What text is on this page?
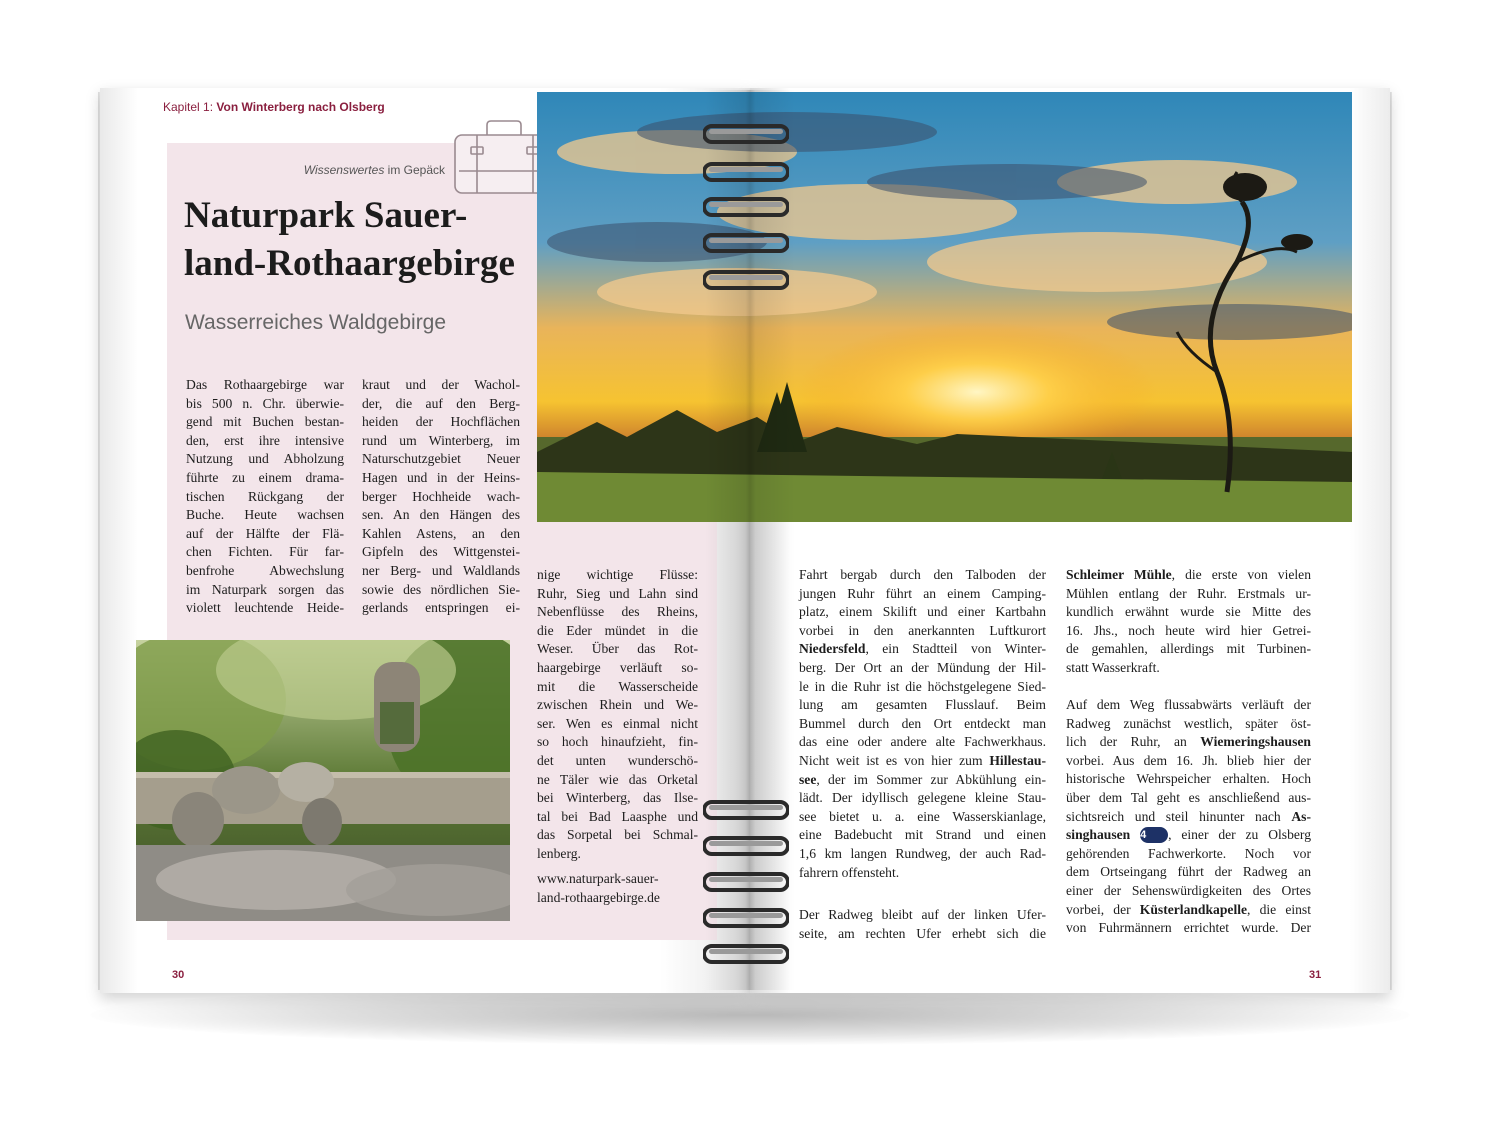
Kapitel 1: Von Winterberg nach Olsberg
Wissenswertes im Gepäck
Naturpark Sauer-
land-Rothaargebirge
Wasserreiches Waldgebirge
Das Rothaargebirge war
bis 500 n. Chr. überwie-
gend mit Buchen bestan-
den, erst ihre intensive
Nutzung und Abholzung
führte zu einem drama-
tischen Rückgang der
Buche. Heute wachsen
auf der Hälfte der Flä-
chen Fichten. Für far-
benfrohe Abwechslung
im Naturpark sorgen das
violett leuchtende Heide-
kraut und der Wachol-
der, die auf den Berg-
heiden der Hochflächen
rund um Winterberg, im
Naturschutzgebiet Neuer
Hagen und in der Heins-
berger Hochheide wach-
sen. An den Hängen des
Kahlen Astens, an den
Gipfeln des Wittgenstei-
ner Berg- und Waldlands
sowie des nördlichen Sie-
gerlands entspringen ei-
nige wichtige Flüsse:
Ruhr, Sieg und Lahn sind
Nebenflüsse des Rheins,
die Eder mündet in die
Weser. Über das Rot-
haargebirge verläuft so-
mit die Wasserscheide
zwischen Rhein und We-
ser. Wen es einmal nicht
so hoch hinaufzieht, fin-
det unten wunderschö-
ne Täler wie das Orketal
bei Winterberg, das Ilse-
tal bei Bad Laasphe und
das Sorpetal bei Schmal-
lenberg.
www.naturpark-sauer-
land-rothaargebirge.de
Fahrt bergab durch den Talboden der
jungen Ruhr führt an einem Camping-
platz, einem Skilift und einer Kartbahn
vorbei in den anerkannten Luftkurort
Niedersfeld, ein Stadtteil von Winter-
berg. Der Ort an der Mündung der Hil-
le in die Ruhr ist die höchstgelegene Sied-
lung am gesamten Flusslauf. Beim
Bummel durch den Ort entdeckt man
das eine oder andere alte Fachwerkhaus.
Nicht weit ist es von hier zum Hillestau-
see, der im Sommer zur Abkühlung ein-
lädt. Der idyllisch gelegene kleine Stau-
see bietet u. a. eine Wasserskianlage,
eine Badebucht mit Strand und einen
1,6 km langen Rundweg, der auch Rad-
fahrern offensteht.
Der Radweg bleibt auf der linken Ufer-
seite, am rechten Ufer erhebt sich die
Schleimer Mühle, die erste von vielen
Mühlen entlang der Ruhr. Erstmals ur-
kundlich erwähnt wurde sie Mitte des
16. Jhs., noch heute wird hier Getrei-
de gemahlen, allerdings mit Turbinen-
statt Wasserkraft.
Auf dem Weg flussabwärts verläuft der
Radweg zunächst westlich, später öst-
lich der Ruhr, an Wiemeringshausen
vorbei. Aus dem 16. Jh. blieb hier der
historische Wehrspeicher erhalten. Hoch
über dem Tal geht es anschließend aus-
sichtsreich und steil hinunter nach As-
singhausen 4 , einer der zu Olsberg
gehörenden Fachwerkorte. Noch vor
dem Ortseingang führt der Radweg an
einer der Sehenswürdigkeiten des Ortes
vorbei, der Küsterlandkapelle, die einst
von Fuhrmännern errichtet wurde. Der
30	31
